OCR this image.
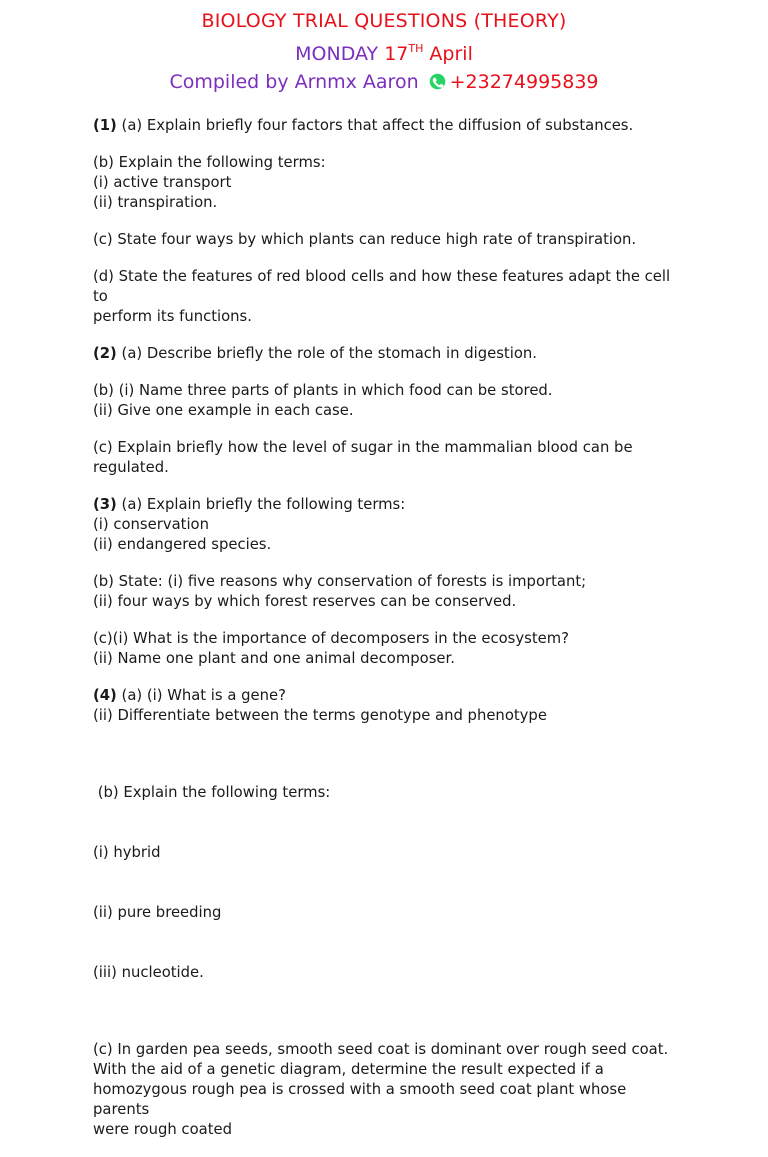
BIOLOGY TRIAL QUESTIONS (THEORY)
MONDAY 17TH April
Compiled by Arnmx Aaron +23274995839
(1) (a) Explain briefly four factors that affect the diffusion of substances.
(b) Explain the following terms:
(i) active transport
(ii) transpiration.
(c) State four ways by which plants can reduce high rate of transpiration.
(d) State the features of red blood cells and how these features adapt the cell to
perform its functions.
(2) (a) Describe briefly the role of the stomach in digestion.
(b) (i) Name three parts of plants in which food can be stored.
(ii) Give one example in each case.
(c) Explain briefly how the level of sugar in the mammalian blood can be
regulated.
(3) (a) Explain briefly the following terms:
(i) conservation
(ii) endangered species.
(b) State: (i) five reasons why conservation of forests is important;
(ii) four ways by which forest reserves can be conserved.
(c)(i) What is the importance of decomposers in the ecosystem?
(ii) Name one plant and one animal decomposer.
(4) (a) (i) What is a gene?
(ii) Differentiate between the terms genotype and phenotype

(b) Explain the following terms:

(i) hybrid

(ii) pure breeding

(iii) nucleotide.

(c) In garden pea seeds, smooth seed coat is dominant over rough seed coat.
With the aid of a genetic diagram, determine the result expected if a
homozygous rough pea is crossed with a smooth seed coat plant whose parents
were rough coated
